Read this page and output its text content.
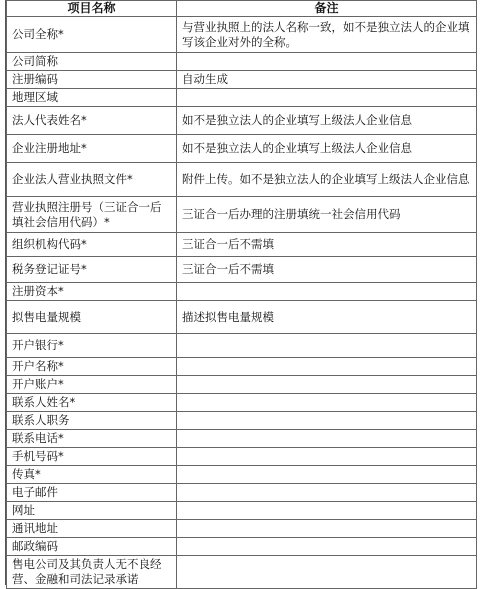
项目名称	备注
公司全称*	与营业执照上的法人名称一致，如不是独立法人的企业填写该企业对外的全称。
公司简称	
注册编码	自动生成
地理区域	
法人代表姓名*	如不是独立法人的企业填写上级法人企业信息
企业注册地址*	如不是独立法人的企业填写上级法人企业信息
企业法人营业执照文件*	附件上传。如不是独立法人的企业填写上级法人企业信息
营业执照注册号（三证合一后填社会信用代码）*	三证合一后办理的注册填统一社会信用代码
组织机构代码*	三证合一后不需填
税务登记证号*	三证合一后不需填
注册资本*	
拟售电量规模	描述拟售电量规模
开户银行*	
开户名称*	
开户账户*	
联系人姓名*	
联系人职务	
联系电话*	
手机号码*	
传真*	
电子邮件	
网址	
通讯地址	
邮政编码	
售电公司及其负责人无不良经营、金融和司法记录承诺	
